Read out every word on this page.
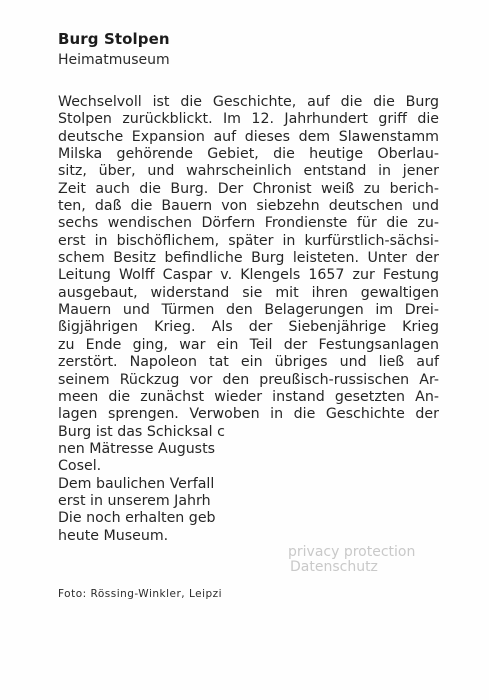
Burg Stolpen
Heimatmuseum
Wechselvoll ist die Geschichte, auf die die Burg
Stolpen zurückblickt. Im 12. Jahrhundert griff die
deutsche Expansion auf dieses dem Slawenstamm
Milska gehörende Gebiet, die heutige Oberlau-
sitz, über, und wahrscheinlich entstand in jener
Zeit auch die Burg. Der Chronist weiß zu berich-
ten, daß die Bauern von siebzehn deutschen und
sechs wendischen Dörfern Frondienste für die zu-
erst in bischöflichem, später in kurfürstlich-sächsi-
schem Besitz befindliche Burg leisteten. Unter der
Leitung Wolff Caspar v. Klengels 1657 zur Festung
ausgebaut, widerstand sie mit ihren gewaltigen
Mauern und Türmen den Belagerungen im Drei-
ßigjährigen Krieg. Als der Siebenjährige Krieg
zu Ende ging, war ein Teil der Festungsanlagen
zerstört. Napoleon tat ein übriges und ließ auf
seinem Rückzug vor den preußisch-russischen Ar-
meen die zunächst wieder instand gesetzten An-
lagen sprengen. Verwoben in die Geschichte der
Burg ist das Schicksal c
nen Mätresse Augusts
Cosel.
Dem baulichen Verfall
erst in unserem Jahrh
Die noch erhalten geb
heute Museum.
privacy protection
Datenschutz
Foto: Rössing-Winkler, Leipzi
